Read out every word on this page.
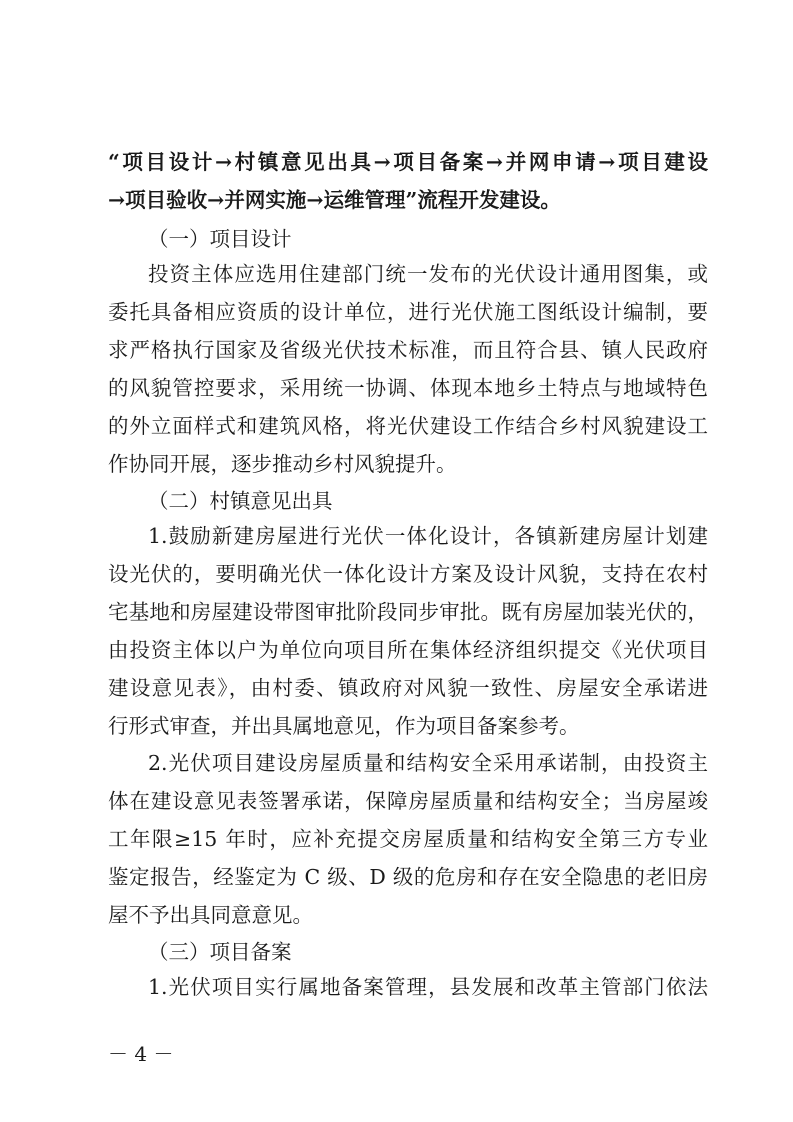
“项目设计→村镇意见出具→项目备案→并网申请→项目建设
→项目验收→并网实施→运维管理”流程开发建设。
（一）项目设计
投资主体应选用住建部门统一发布的光伏设计通用图集，或
委托具备相应资质的设计单位，进行光伏施工图纸设计编制，要
求严格执行国家及省级光伏技术标准，而且符合县、镇人民政府
的风貌管控要求，采用统一协调、体现本地乡土特点与地域特色
的外立面样式和建筑风格，将光伏建设工作结合乡村风貌建设工
作协同开展，逐步推动乡村风貌提升。
（二）村镇意见出具
1.鼓励新建房屋进行光伏一体化设计，各镇新建房屋计划建
设光伏的，要明确光伏一体化设计方案及设计风貌，支持在农村
宅基地和房屋建设带图审批阶段同步审批。既有房屋加装光伏的，
由投资主体以户为单位向项目所在集体经济组织提交《光伏项目
建设意见表》，由村委、镇政府对风貌一致性、房屋安全承诺进
行形式审查，并出具属地意见，作为项目备案参考。
2.光伏项目建设房屋质量和结构安全采用承诺制，由投资主
体在建设意见表签署承诺，保障房屋质量和结构安全；当房屋竣
工年限≥15 年时，应补充提交房屋质量和结构安全第三方专业
鉴定报告，经鉴定为 C 级、D 级的危房和存在安全隐患的老旧房
屋不予出具同意意见。
（三）项目备案
1.光伏项目实行属地备案管理，县发展和改革主管部门依法
－ 4 －
